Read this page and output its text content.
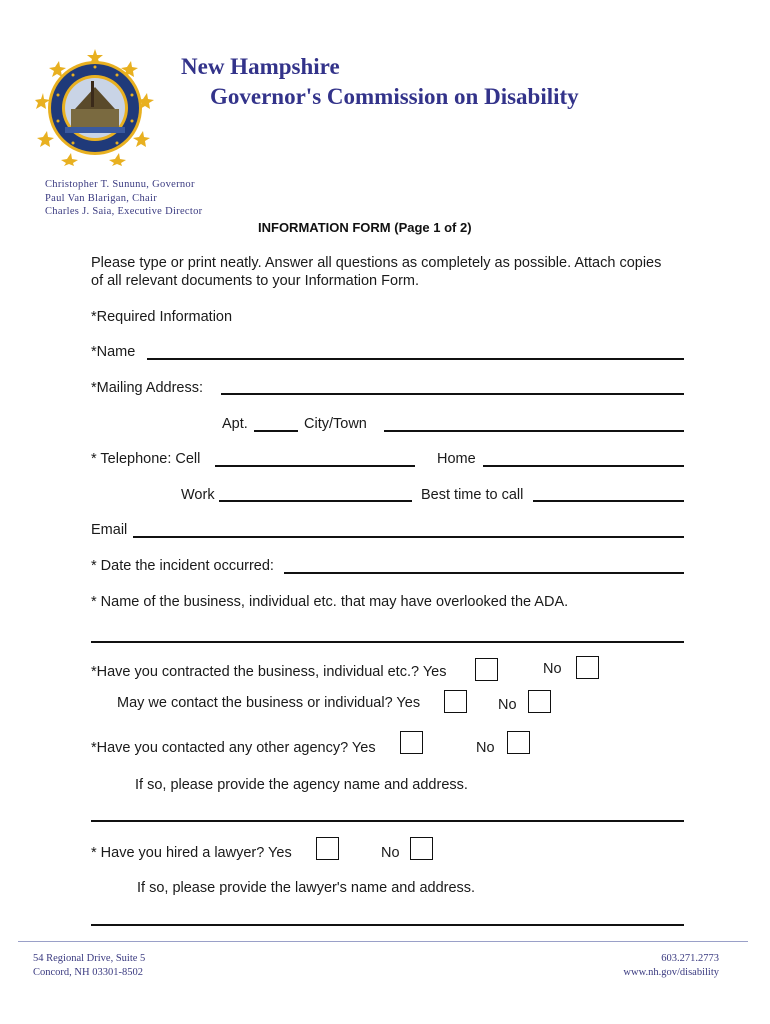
New Hampshire
Governor's Commission on Disability
Christopher T. Sununu, Governor
Paul Van Blarigan, Chair
Charles J. Saia, Executive Director
INFORMATION FORM (Page 1 of 2)
Please type or print neatly. Answer all questions as completely as possible. Attach copies
of all relevant documents to your Information Form.
*Required Information
*Name
*Mailing Address:
Apt.	City/Town
* Telephone: Cell	Home
Work	Best time to call
Email
* Date the incident occurred:
* Name of the business, individual etc. that may have overlooked the ADA.
*Have you contracted the business, individual etc.? Yes	No
May we contact the business or individual? Yes	No
*Have you contacted any other agency? Yes	No
If so, please provide the agency name and address.
* Have you hired a lawyer? Yes	No
If so, please provide the lawyer's name and address.
54 Regional Drive, Suite 5
Concord, NH 03301-8502
603.271.2773
www.nh.gov/disability
